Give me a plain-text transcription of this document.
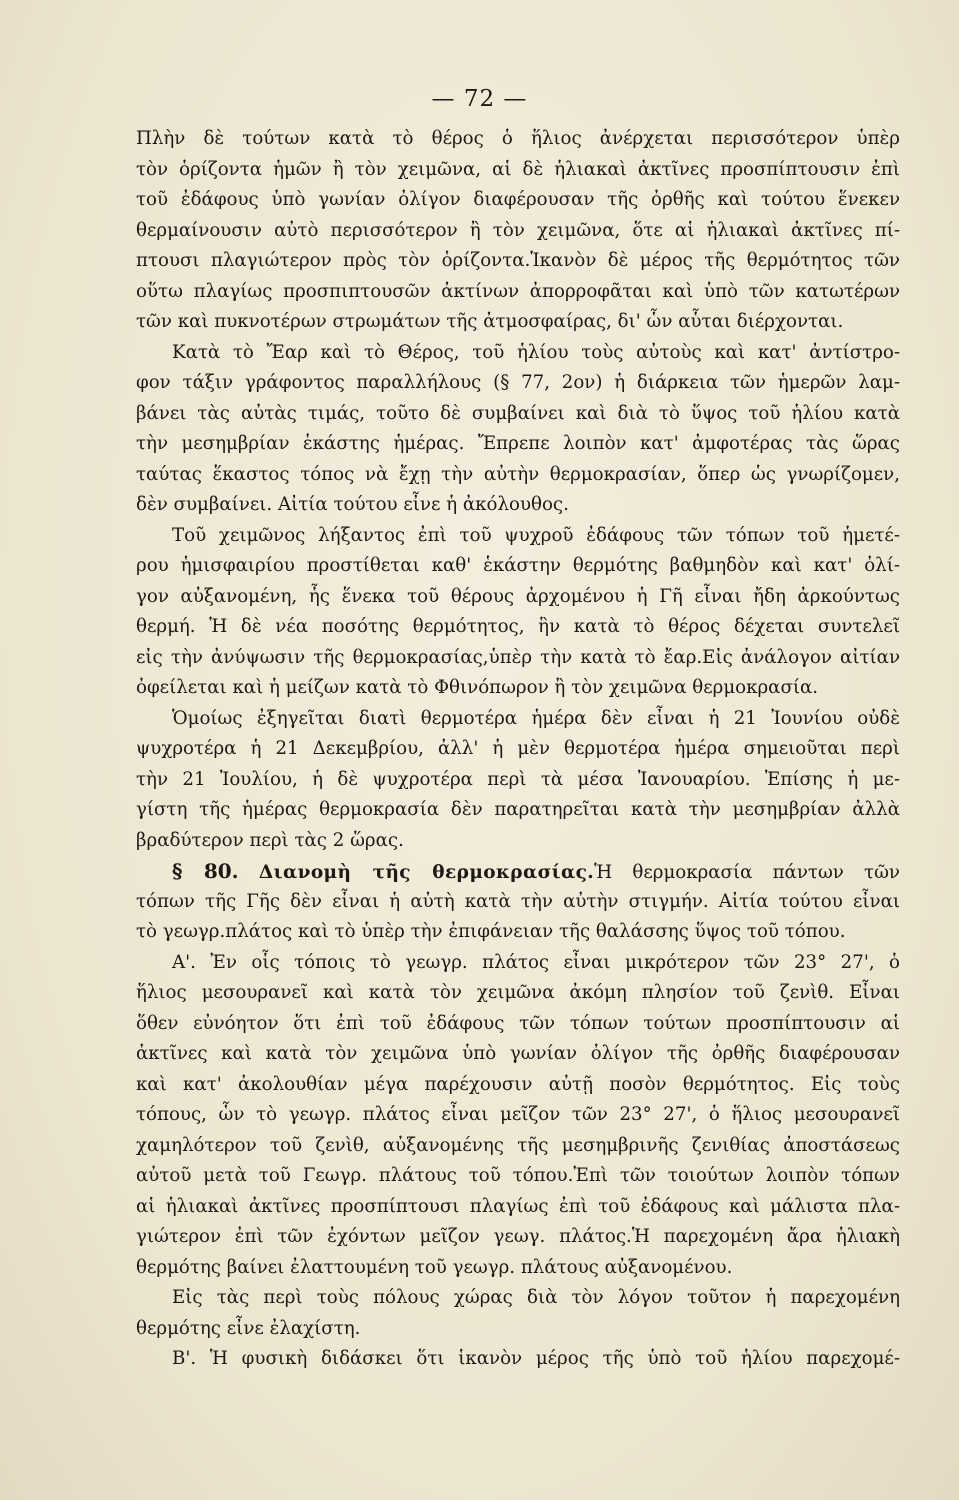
— 72 —
Πλὴν δὲ τούτων κατὰ τὸ θέρος ὁ ἥλιος ἀνέρχεται περισσότερον ὑπὲρ
τὸν ὁρίζοντα ἡμῶν ἢ τὸν χειμῶνα, αἱ δὲ ἡλιακαὶ ἀκτῖνες προσπίπτουσιν ἐπὶ
τοῦ ἐδάφους ὑπὸ γωνίαν ὀλίγον διαφέρουσαν τῆς ὀρθῆς καὶ τούτου ἕνεκεν
θερμαίνουσιν αὐτὸ περισσότερον ἢ τὸν χειμῶνα, ὅτε αἱ ἡλιακαὶ ἀκτῖνες πί-
πτουσι πλαγιώτερον πρὸς τὸν ὁρίζοντα.Ἱκανὸν δὲ μέρος τῆς θερμότητος τῶν
οὕτω πλαγίως προσπιπτουσῶν ἀκτίνων ἀπορροφᾶται καὶ ὑπὸ τῶν κατωτέρων
τῶν καὶ πυκνοτέρων στρωμάτων τῆς ἀτμοσφαίρας, δι' ὧν αὗται διέρχονται.
Κατὰ τὸ Ἔαρ καὶ τὸ Θέρος, τοῦ ἡλίου τοὺς αὐτοὺς καὶ κατ' ἀντίστρο-
φον τάξιν γράφοντος παραλλήλους (§ 77, 2ον) ἡ διάρκεια τῶν ἡμερῶν λαμ-
βάνει τὰς αὐτὰς τιμάς, τοῦτο δὲ συμβαίνει καὶ διὰ τὸ ὕψος τοῦ ἡλίου κατὰ
τὴν μεσημβρίαν ἑκάστης ἡμέρας. Ἔπρεπε λοιπὸν κατ' ἀμφοτέρας τὰς ὥρας
ταύτας ἕκαστος τόπος νὰ ἔχῃ τὴν αὐτὴν θερμοκρασίαν, ὅπερ ὡς γνωρίζομεν,
δὲν συμβαίνει. Αἰτία τούτου εἶνε ἡ ἀκόλουθος.
Τοῦ χειμῶνος λήξαντος ἐπὶ τοῦ ψυχροῦ ἐδάφους τῶν τόπων τοῦ ἡμετέ-
ρου ἡμισφαιρίου προστίθεται καθ' ἑκάστην θερμότης βαθμηδὸν καὶ κατ' ὀλί-
γον αὐξανομένη, ἧς ἕνεκα τοῦ θέρους ἀρχομένου ἡ Γῆ εἶναι ἤδη ἀρκούντως
θερμή. Ἡ δὲ νέα ποσότης θερμότητος, ἣν κατὰ τὸ θέρος δέχεται συντελεῖ
εἰς τὴν ἀνύψωσιν τῆς θερμοκρασίας,ὑπὲρ τὴν κατὰ τὸ ἔαρ.Εἰς ἀνάλογον αἰτίαν
ὀφείλεται καὶ ἡ μείζων κατὰ τὸ Φθινόπωρον ἢ τὸν χειμῶνα θερμοκρασία.
Ὁμοίως ἐξηγεῖται διατὶ θερμοτέρα ἡμέρα δὲν εἶναι ἡ 21 Ἰουνίου οὐδὲ
ψυχροτέρα ἡ 21 Δεκεμβρίου, ἀλλ' ἡ μὲν θερμοτέρα ἡμέρα σημειοῦται περὶ
τὴν 21 Ἰουλίου, ἡ δὲ ψυχροτέρα περὶ τὰ μέσα Ἰανουαρίου. Ἐπίσης ἡ με-
γίστη τῆς ἡμέρας θερμοκρασία δὲν παρατηρεῖται κατὰ τὴν μεσημβρίαν ἀλλὰ
βραδύτερον περὶ τὰς 2 ὥρας.
§ 80. Διανομὴ τῆς θερμοκρασίας.Ἡ θερμοκρασία πάντων τῶν
τόπων τῆς Γῆς δὲν εἶναι ἡ αὐτὴ κατὰ τὴν αὐτὴν στιγμήν. Αἰτία τούτου εἶναι
τὸ γεωγρ.πλάτος καὶ τὸ ὑπὲρ τὴν ἐπιφάνειαν τῆς θαλάσσης ὕψος τοῦ τόπου.
Α'. Ἐν οἷς τόποις τὸ γεωγρ. πλάτος εἶναι μικρότερον τῶν 23° 27', ὁ
ἥλιος μεσουρανεῖ καὶ κατὰ τὸν χειμῶνα ἀκόμη πλησίον τοῦ ζενὶθ. Εἶναι
ὅθεν εὐνόητον ὅτι ἐπὶ τοῦ ἐδάφους τῶν τόπων τούτων προσπίπτουσιν αἱ
ἀκτῖνες καὶ κατὰ τὸν χειμῶνα ὑπὸ γωνίαν ὀλίγον τῆς ὀρθῆς διαφέρουσαν
καὶ κατ' ἀκολουθίαν μέγα παρέχουσιν αὐτῇ ποσὸν θερμότητος. Εἰς τοὺς
τόπους, ὧν τὸ γεωγρ. πλάτος εἶναι μεῖζον τῶν 23° 27', ὁ ἥλιος μεσουρανεῖ
χαμηλότερον τοῦ ζενὶθ, αὐξανομένης τῆς μεσημβρινῆς ζενιθίας ἀποστάσεως
αὐτοῦ μετὰ τοῦ Γεωγρ. πλάτους τοῦ τόπου.Ἐπὶ τῶν τοιούτων λοιπὸν τόπων
αἱ ἡλιακαὶ ἀκτῖνες προσπίπτουσι πλαγίως ἐπὶ τοῦ ἐδάφους καὶ μάλιστα πλα-
γιώτερον ἐπὶ τῶν ἐχόντων μεῖζον γεωγ. πλάτος.Ἡ παρεχομένη ἄρα ἡλιακὴ
θερμότης βαίνει ἐλαττουμένη τοῦ γεωγρ. πλάτους αὐξανομένου.
Εἰς τὰς περὶ τοὺς πόλους χώρας διὰ τὸν λόγον τοῦτον ἡ παρεχομένη
θερμότης εἶνε ἐλαχίστη.
Β'. Ἡ φυσικὴ διδάσκει ὅτι ἱκανὸν μέρος τῆς ὑπὸ τοῦ ἡλίου παρεχομέ-
